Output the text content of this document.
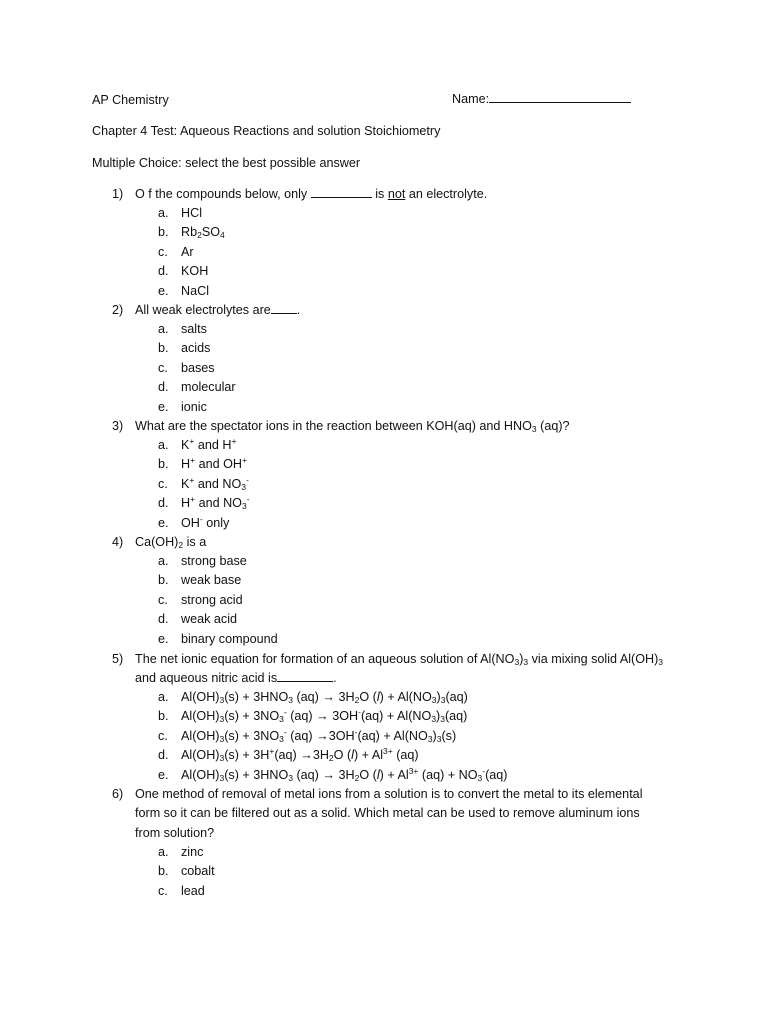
AP Chemistry	Name:
Chapter 4 Test: Aqueous Reactions and solution Stoichiometry
Multiple Choice: select the best possible answer
1) O f the compounds below, only	is not an electrolyte.
a. HCl
b. $Rb_2SO_4$
c. Ar
d. KOH
e. NaCl
2) All weak electrolytes are .
a. salts
b. acids
c. bases
d. molecular
e. ionic
3) What are the spectator ions in the reaction between KOH(aq) and $HNO_3$ (aq)?
a. K+ and H+
b. H+ and OH+
c. K+ and $NO_3^-$
d. H+ and $NO_3^-$
e. OH- only
4) $Ca(OH)_2$ is a
a. strong base
b. weak base
c. strong acid
d. weak acid
e. binary compound
5) The net ionic equation for formation of an aqueous solution of $Al(NO_3)_3$ via mixing solid $Al(OH)_3$
and aqueous nitric acid is	.
a. $Al(OH)_3(s) + 3HNO_3$ $(aq) \to 3H_2O$ $(l) + Al(NO_3)_3(aq)$
b. $Al(OH)_3(s) + 3NO_3^-$ $(aq) \to 3OH^-(aq) + Al(NO_3)_3(aq)$
c. $Al(OH)_3(s) + 3NO_3^-$ $(aq) \to 3OH^-(aq) + Al(NO_3)_3(s)$
d. $Al(OH)_3(s) + 3H^+(aq) \to 3H_2O$ $(l) + Al^{3+}$ (aq)
e. $Al(OH)_3(s) + 3HNO_3$ $(aq) \to 3H_2O$ $(l) + Al^{3+}$ $(aq) + NO_3^-(aq)$
6) One method of removal of metal ions from a solution is to convert the metal to its elemental
form so it can be filtered out as a solid. Which metal can be used to remove aluminum ions
from solution?
a. zinc
b. cobalt
c. lead
